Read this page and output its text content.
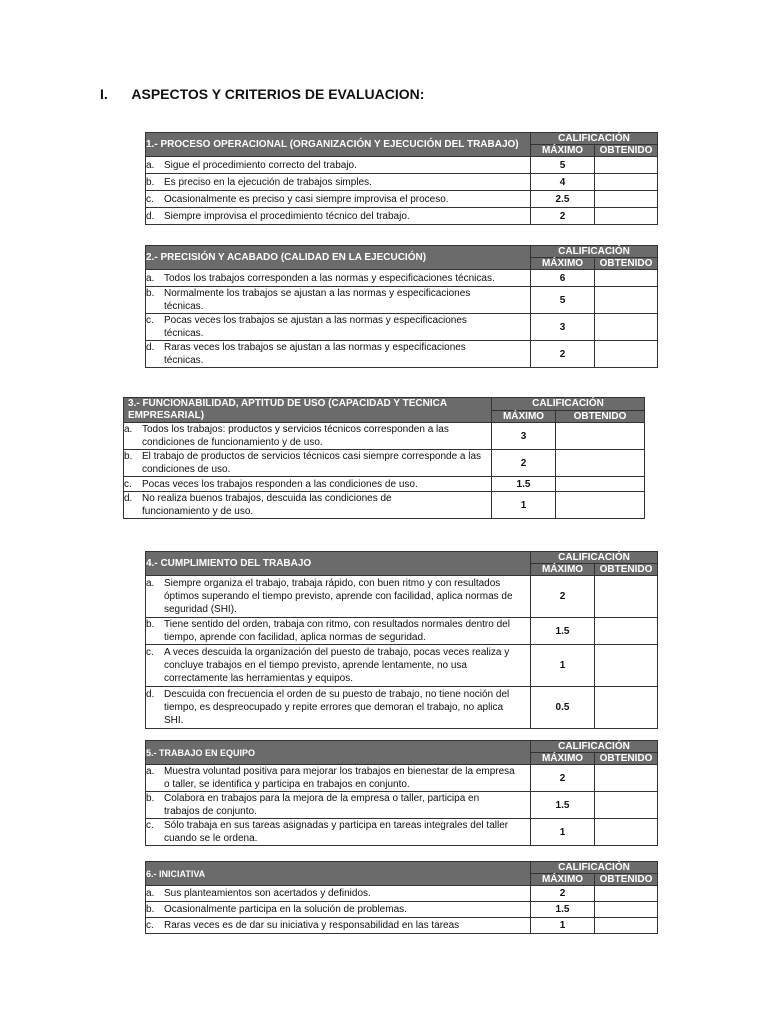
I. ASPECTOS Y CRITERIOS DE EVALUACION:
1.- PROCESO OPERACIONAL (ORGANIZACIÓN Y EJECUCIÓN DEL TRABAJO)	CALIFICACIÓN	
	MÁXIMO	OBTENIDO
a. Sigue el procedimiento correcto del trabajo.	5	
b. Es preciso en la ejecución de trabajos simples.	4	
c. Ocasionalmente es preciso y casi siempre improvisa el proceso.	2.5	
d. Siempre improvisa el procedimiento técnico del trabajo.	2	
2.- PRECISIÓN Y ACABADO (CALIDAD EN LA EJECUCIÓN)	CALIFICACIÓN	
	MÁXIMO	OBTENIDO
a. Todos los trabajos corresponden a las normas y especificaciones técnicas.	6	
b. Normalmente los trabajos se ajustan a las normas y especificaciones técnicas.	5	
c. Pocas veces los trabajos se ajustan a las normas y especificaciones técnicas.	3	
d. Raras veces los trabajos se ajustan a las normas y especificaciones técnicas.	2	
3.- FUNCIONABILIDAD, APTITUD DE USO (CAPACIDAD Y TECNICA EMPRESARIAL)	CALIFICACIÓN	
	MÁXIMO	OBTENIDO
a. Todos los trabajos: productos y servicios técnicos corresponden a las condiciones de funcionamiento y de uso.	3	
b. El trabajo de productos de servicios técnicos casi siempre corresponde a las condiciones de uso.	2	
c. Pocas veces los trabajos responden a las condiciones de uso.	1.5	
d. No realiza buenos trabajos, descuida las condiciones de funcionamiento y de uso.	1	
4.- CUMPLIMIENTO DEL TRABAJO	CALIFICACIÓN	
	MÁXIMO	OBTENIDO
a. Siempre organiza el trabajo, trabaja rápido, con buen ritmo y con resultados óptimos superando el tiempo previsto, aprende con facilidad, aplica normas de seguridad (SHI).	2	
b. Tiene sentido del orden, trabaja con ritmo, con resultados normales dentro del tiempo, aprende con facilidad, aplica normas de seguridad.	1.5	
c. A veces descuida la organización del puesto de trabajo, pocas veces realiza y concluye trabajos en el tiempo previsto, aprende lentamente, no usa correctamente las herramientas y equipos.	1	
d. Descuida con frecuencia el orden de su puesto de trabajo, no tiene noción del tiempo, es despreocupado y repite errores que demoran el trabajo, no aplica SHI.	0.5	
5.- TRABAJO EN EQUIPO	CALIFICACIÓN	
	MÁXIMO	OBTENIDO
a. Muestra voluntad positiva para mejorar los trabajos en bienestar de la empresa o taller, se identifica y participa en trabajos en conjunto.	2	
b. Colabora en trabajos para la mejora de la empresa o taller, participa en trabajos de conjunto.	1.5	
c. Sólo trabaja en sus tareas asignadas y participa en tareas integrales del taller cuando se le ordena.	1	
6.- INICIATIVA	CALIFICACIÓN	
	MÁXIMO	OBTENIDO
a. Sus planteamientos son acertados y definidos.	2	
b. Ocasionalmente participa en la solución de problemas.	1.5	
c. Raras veces es de dar su iniciativa y responsabilidad en las tareas	1	
